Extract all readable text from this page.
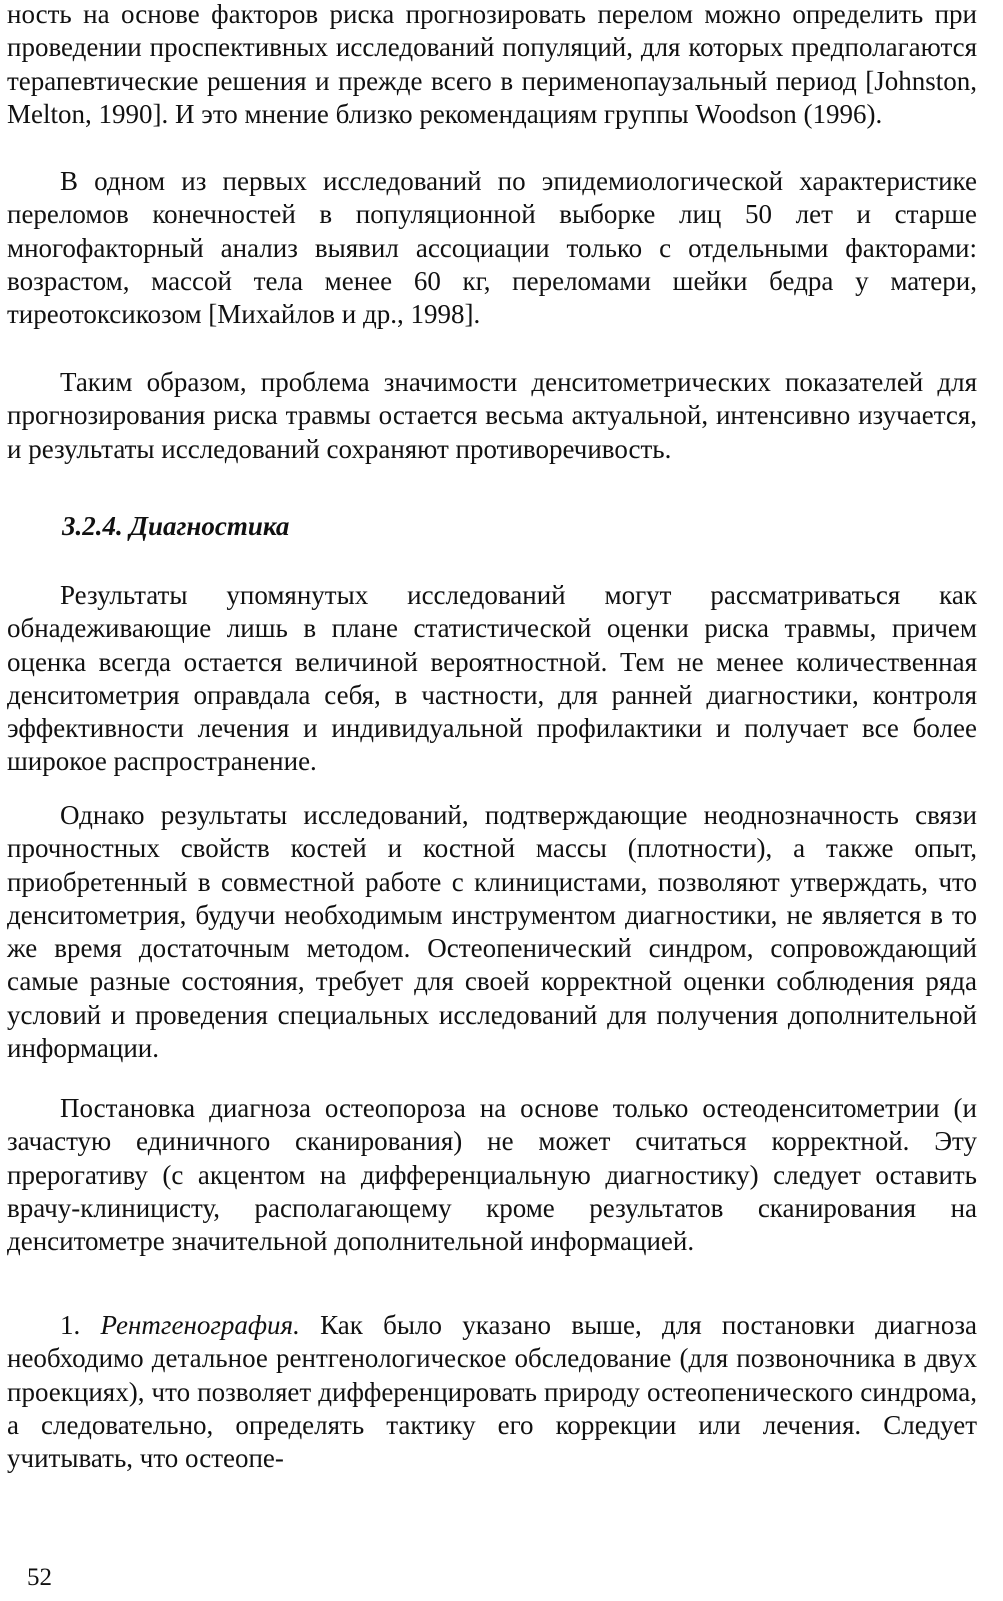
ность на основе факторов риска прогнозировать перелом можно определить при проведении проспективных исследований популяций, для которых предполагаются терапевтические решения и прежде всего в перименопаузальный период [Johnston, Melton, 1990]. И это мнение близко рекомендациям группы Woodson (1996).

В одном из первых исследований по эпидемиологической характеристике переломов конечностей в популяционной выборке лиц 50 лет и старше многофакторный анализ выявил ассоциации только с отдельными факторами: возрастом, массой тела менее 60 кг, переломами шейки бедра у матери, тиреотоксикозом [Михайлов и др., 1998].

Таким образом, проблема значимости денситометрических показателей для прогнозирования риска травмы остается весьма актуальной, интенсивно изучается, и результаты исследований сохраняют противоречивость.

3.2.4. Диагностика

Результаты упомянутых исследований могут рассматриваться как обнадеживающие лишь в плане статистической оценки риска травмы, причем оценка всегда остается величиной вероятностной. Тем не менее количественная денситометрия оправдала себя, в частности, для ранней диагностики, контроля эффективности лечения и индивидуальной профилактики и получает все более широкое распространение.

Однако результаты исследований, подтверждающие неоднозначность связи прочностных свойств костей и костной массы (плотности), а также опыт, приобретенный в совместной работе с клиницистами, позволяют утверждать, что денситометрия, будучи необходимым инструментом диагностики, не является в то же время достаточным методом. Остеопенический синдром, сопровождающий самые разные состояния, требует для своей корректной оценки соблюдения ряда условий и проведения специальных исследований для получения дополнительной информации.

Постановка диагноза остеопороза на основе только остеоденситометрии (и зачастую единичного сканирования) не может считаться корректной. Эту прерогативу (с акцентом на дифференциальную диагностику) следует оставить врачу-клиницисту, располагающему кроме результатов сканирования на денситометре значительной дополнительной информацией.

1. Рентгенография. Как было указано выше, для постановки диагноза необходимо детальное рентгенологическое обследование (для позвоночника в двух проекциях), что позволяет дифференцировать природу остеопенического синдрома, а следовательно, определять тактику его коррекции или лечения. Следует учитывать, что остеопе-

52
